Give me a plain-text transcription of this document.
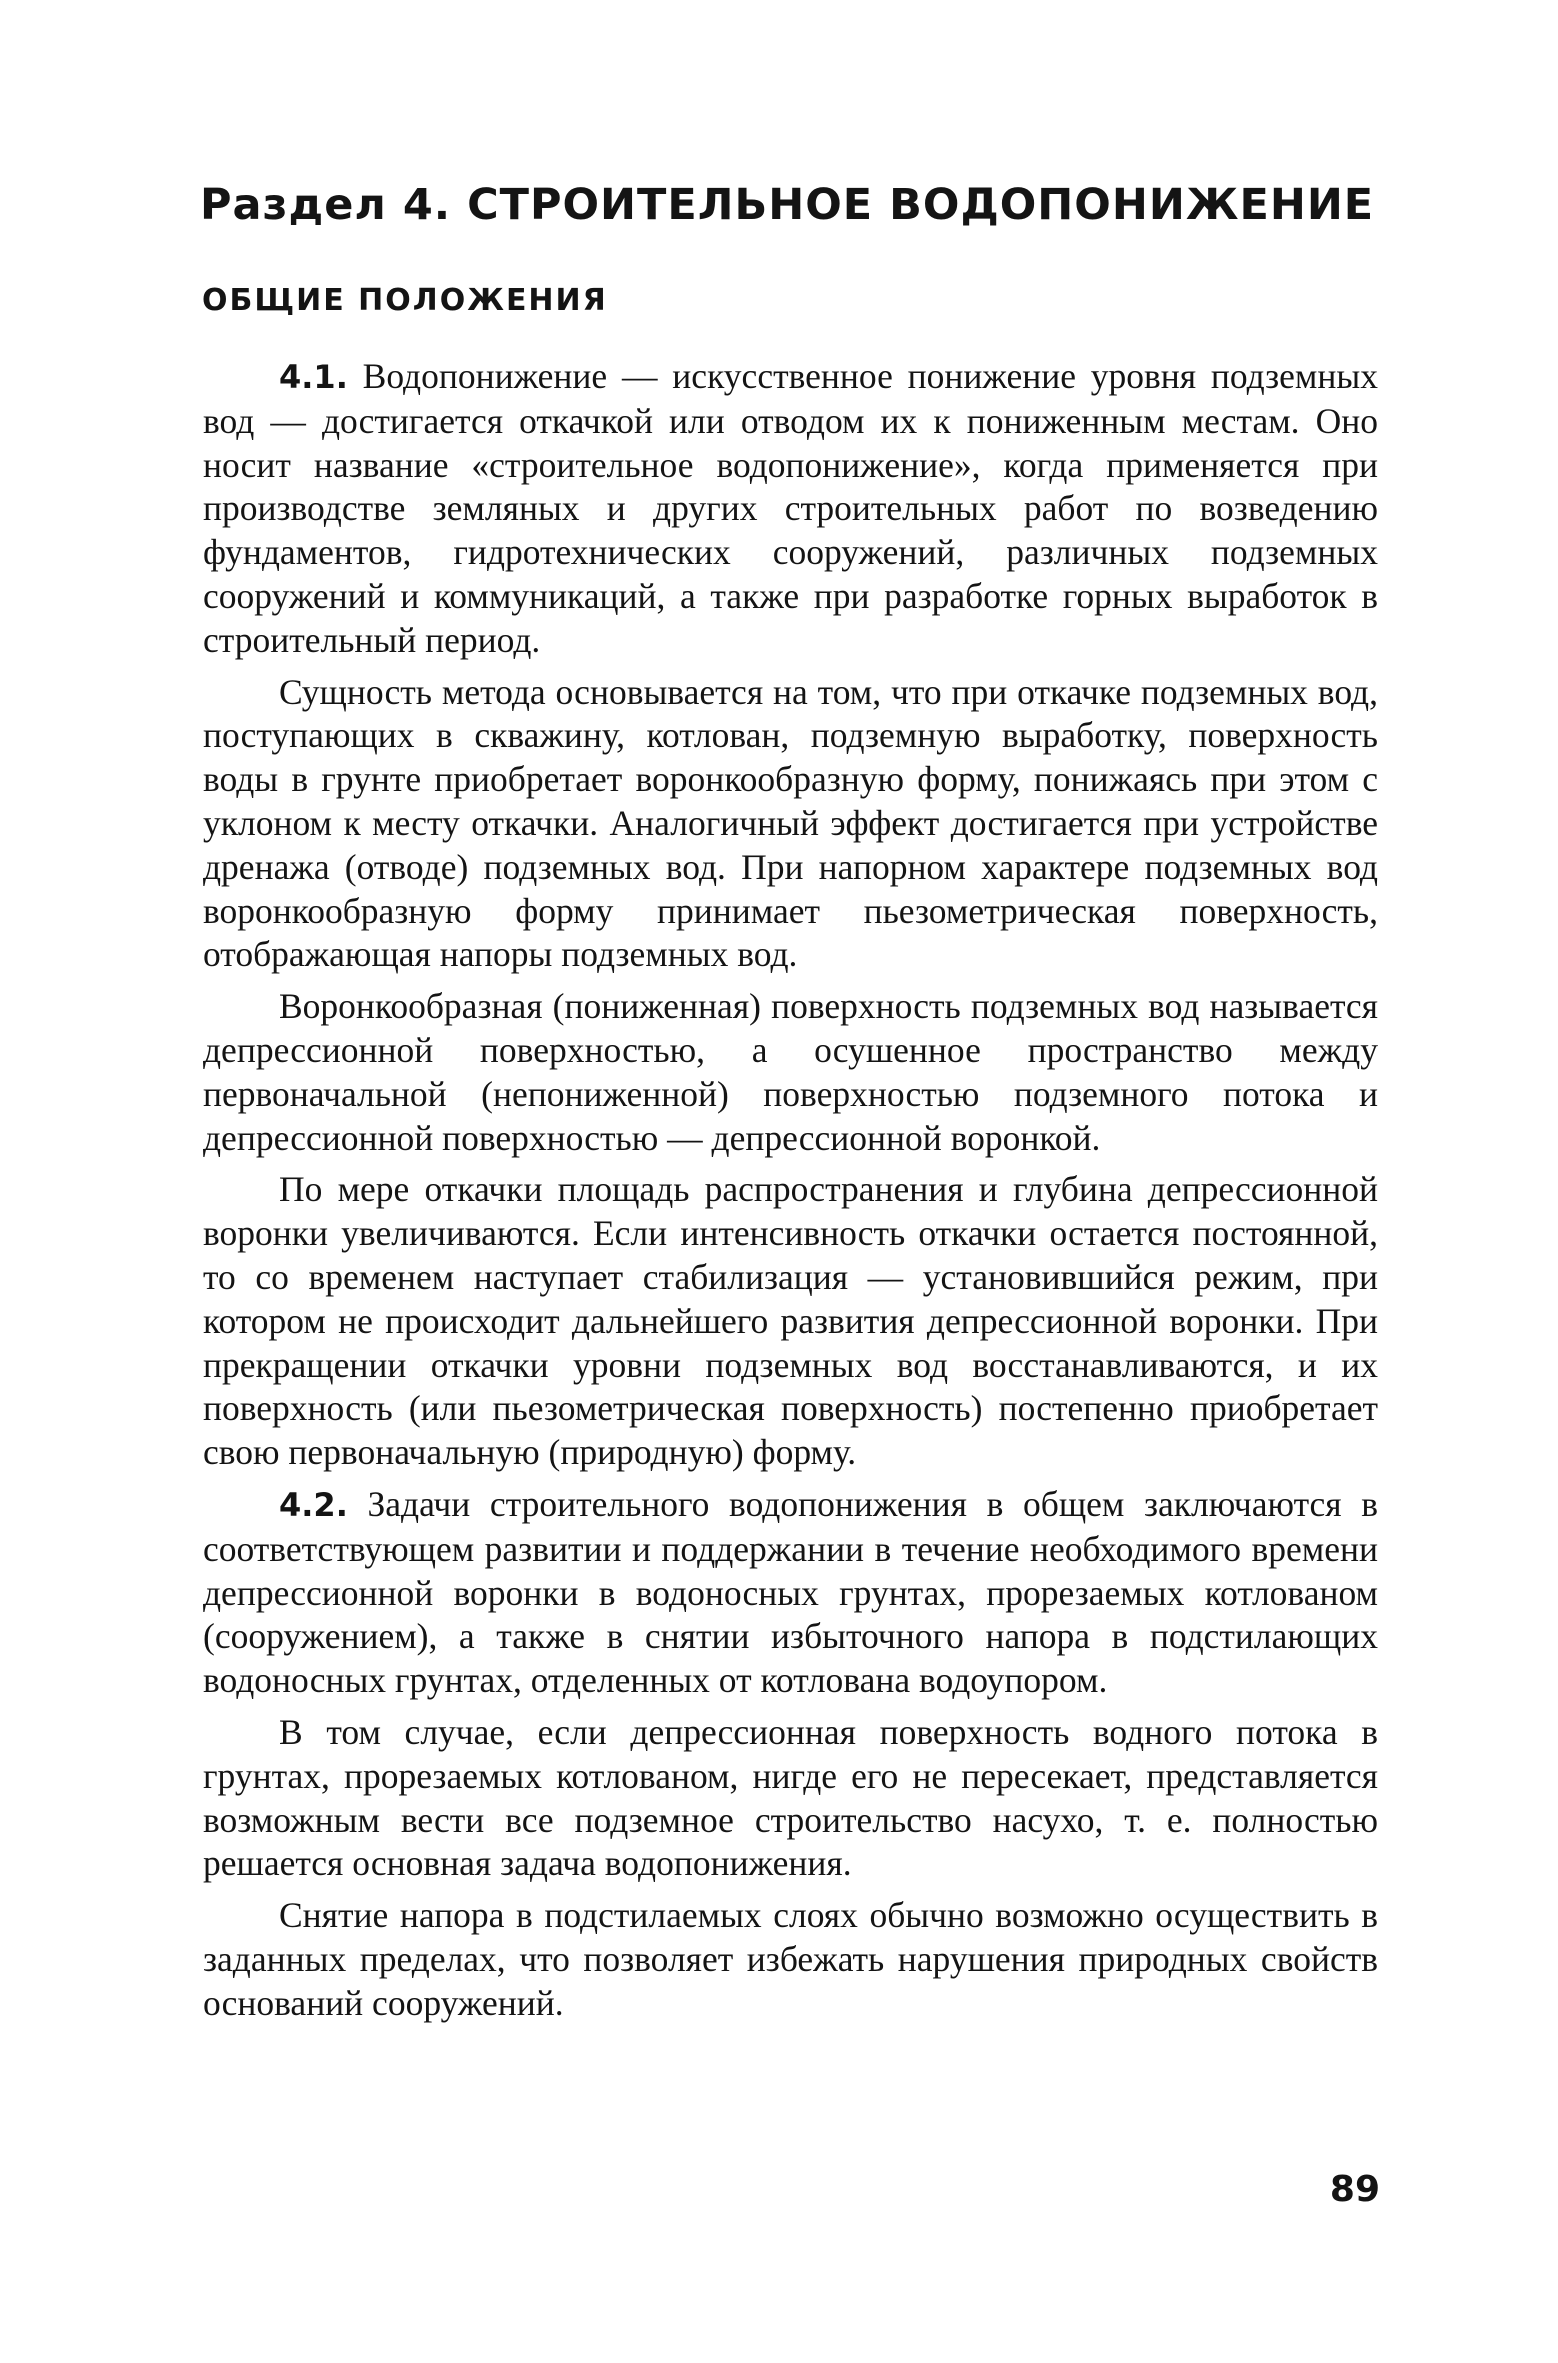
Раздел 4. СТРОИТЕЛЬНОЕ ВОДОПОНИЖЕНИЕ
ОБЩИЕ ПОЛОЖЕНИЯ

4.1. Водопонижение — искусственное понижение уровня подземных вод — достигается откачкой или отводом их к пониженным местам. Оно носит название «строительное водопонижение», когда применяется при производстве земляных и других строительных работ по возведению фундаментов, гидротехнических сооружений, различных подземных сооружений и коммуникаций, а также при разработке горных выработок в строительный период.

Сущность метода основывается на том, что при откачке подземных вод, поступающих в скважину, котлован, подземную выработку, поверхность воды в грунте приобретает воронкообразную форму, понижаясь при этом с уклоном к месту откачки. Аналогичный эффект достигается при устройстве дренажа (отводе) подземных вод. При напорном характере подземных вод воронкообразную форму принимает пьезометрическая поверхность, отображающая напоры подземных вод.

Воронкообразная (пониженная) поверхность подземных вод называется депрессионной поверхностью, а осушенное пространство между первоначальной (непониженной) поверхностью подземного потока и депрессионной поверхностью — депрессионной воронкой.

По мере откачки площадь распространения и глубина депрессионной воронки увеличиваются. Если интенсивность откачки остается постоянной, то со временем наступает стабилизация — установившийся режим, при котором не происходит дальнейшего развития депрессионной воронки. При прекращении откачки уровни подземных вод восстанавливаются, и их поверхность (или пьезометрическая поверхность) постепенно приобретает свою первоначальную (природную) форму.

4.2. Задачи строительного водопонижения в общем заключаются в соответствующем развитии и поддержании в течение необходимого времени депрессионной воронки в водоносных грунтах, прорезаемых котлованом (сооружением), а также в снятии избыточного напора в подстилающих водоносных грунтах, отделенных от котлована водоупором.

В том случае, если депрессионная поверхность водного потока в грунтах, прорезаемых котлованом, нигде его не пересекает, представляется возможным вести все подземное строительство насухо, т. е. полностью решается основная задача водопонижения.

Снятие напора в подстилаемых слоях обычно возможно осуществить в заданных пределах, что позволяет избежать нарушения природных свойств оснований сооружений.

89
